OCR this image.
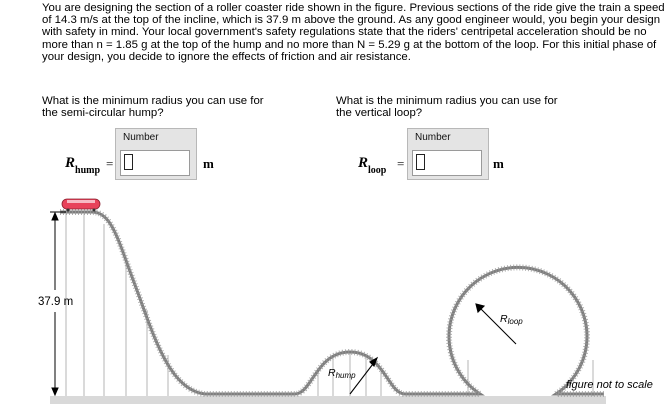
You are designing the section of a roller coaster ride shown in the figure. Previous sections of the ride give the train a speed of 14.3 m/s at the top of the incline, which is 37.9 m above the ground. As any good engineer would, you begin your design with safety in mind. Your local government's safety regulations state that the riders' centripetal acceleration should be no more than n = 1.85 g at the top of the hump and no more than N = 5.29 g at the bottom of the loop. For this initial phase of your design, you decide to ignore the effects of friction and air resistance.

What is the minimum radius you can use for the semi-circular hump?
What is the minimum radius you can use for the vertical loop?
$R_{hump}$ =
Number
m	$R_{loop}$ =
Number
m
37.9 m
Rhump
Rloop
figure not to scale
